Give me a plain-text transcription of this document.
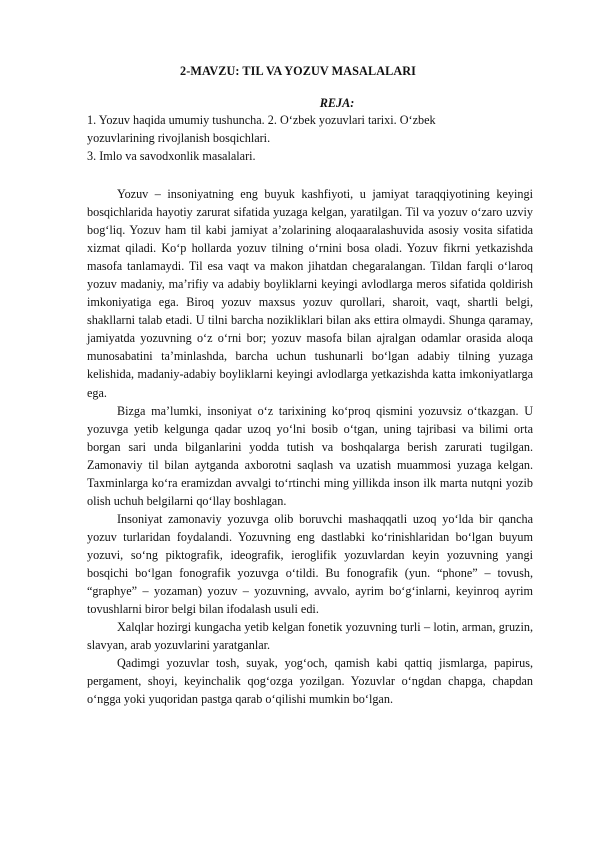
2-MAVZU: TIL VA YOZUV MASALALARI
REJA:
1. Yozuv haqida umumiy tushuncha. 2. O‘zbek yozuvlari tarixi. O‘zbek
yozuvlarining rivojlanish bosqichlari.
3. Imlo va savodxonlik masalalari.

Yozuv – insoniyatning eng buyuk kashfiyoti, u jamiyat taraqqiyotining keyingi bosqichlarida hayotiy zarurat sifatida yuzaga kelgan, yaratilgan. Til va yozuv o‘zaro uzviy bog‘liq. Yozuv ham til kabi jamiyat a’zolarining aloqaaralashuvida asosiy vosita sifatida xizmat qiladi. Ko‘p hollarda yozuv tilning o‘rnini bosa oladi. Yozuv fikrni yetkazishda masofa tanlamaydi. Til esa vaqt va makon jihatdan chegaralangan. Tildan farqli o‘laroq yozuv madaniy, ma’rifiy va adabiy boyliklarni keyingi avlodlarga meros sifatida qoldirish imkoniyatiga ega. Biroq yozuv maxsus yozuv qurollari, sharoit, vaqt, shartli belgi, shakllarni talab etadi. U tilni barcha nozikliklari bilan aks ettira olmaydi. Shunga qaramay, jamiyatda yozuvning o‘z o‘rni bor; yozuv masofa bilan ajralgan odamlar orasida aloqa munosabatini ta’minlashda, barcha uchun tushunarli bo‘lgan adabiy tilning yuzaga kelishida, madaniy-adabiy boyliklarni keyingi avlodlarga yetkazishda katta imkoniyatlarga ega.

Bizga ma’lumki, insoniyat o‘z tarixining ko‘proq qismini yozuvsiz o‘tkazgan. U yozuvga yetib kelgunga qadar uzoq yo‘lni bosib o‘tgan, uning tajribasi va bilimi orta borgan sari unda bilganlarini yodda tutish va boshqalarga berish zarurati tugilgan. Zamonaviy til bilan aytganda axborotni saqlash va uzatish muammosi yuzaga kelgan. Taxminlarga ko‘ra eramizdan avvalgi to‘rtinchi ming yillikda inson ilk marta nutqni yozib olish uchuh belgilarni qo‘llay boshlagan.

Insoniyat zamonaviy yozuvga olib boruvchi mashaqqatli uzoq yo‘lda bir qancha yozuv turlaridan foydalandi. Yozuvning eng dastlabki ko‘rinishlaridan bo‘lgan buyum yozuvi, so‘ng piktografik, ideografik, ieroglifik yozuvlardan keyin yozuvning yangi bosqichi bo‘lgan fonografik yozuvga o‘tildi. Bu fonografik (yun. “phone” – tovush, “graphye” – yozaman) yozuv – yozuvning, avvalo, ayrim bo‘g‘inlarni, keyinroq ayrim tovushlarni biror belgi bilan ifodalash usuli edi.

Xalqlar hozirgi kungacha yetib kelgan fonetik yozuvning turli – lotin, arman, gruzin, slavyan, arab yozuvlarini yaratganlar.

Qadimgi yozuvlar tosh, suyak, yog‘och, qamish kabi qattiq jismlarga, papirus, pergament, shoyi, keyinchalik qog‘ozga yozilgan. Yozuvlar o‘ngdan chapga, chapdan o‘ngga yoki yuqoridan pastga qarab o‘qilishi mumkin bo‘lgan.
